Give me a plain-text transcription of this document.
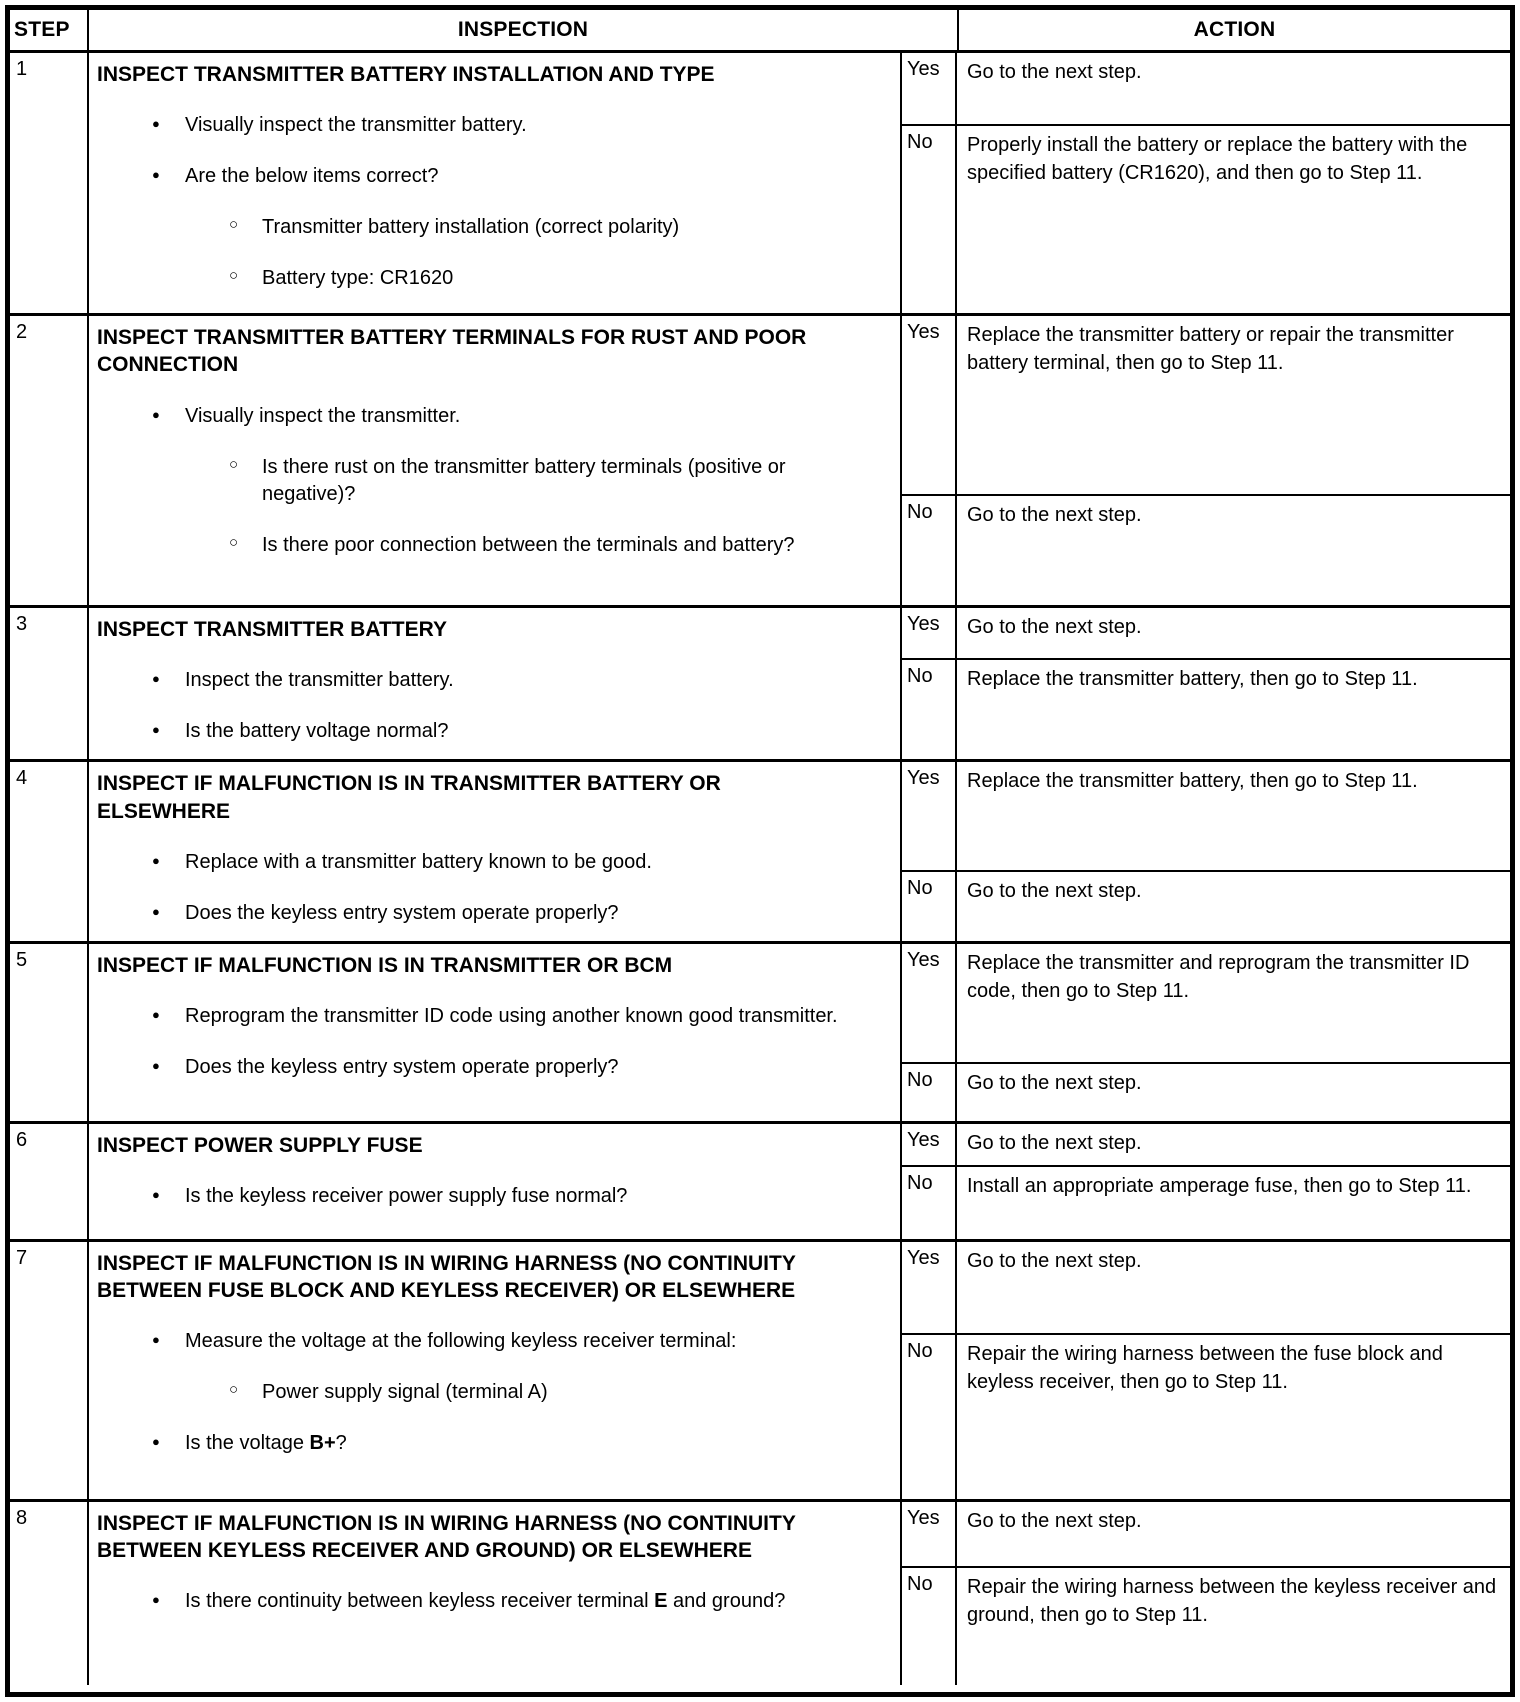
STEP	INSPECTION	ACTION
1	INSPECT TRANSMITTER BATTERY INSTALLATION AND TYPE
●	Visually inspect the transmitter battery.
●	Are the below items correct?
○	Transmitter battery installation (correct polarity)
○	Battery type: CR1620
Yes	Go to the next step.
No	Properly install the battery or replace the battery with the specified battery (CR1620), and then go to Step 11.
2	INSPECT TRANSMITTER BATTERY TERMINALS FOR RUST AND POOR CONNECTION
●	Visually inspect the transmitter.
○	Is there rust on the transmitter battery terminals (positive or negative)?
○	Is there poor connection between the terminals and battery?
Yes	Replace the transmitter battery or repair the transmitter battery terminal, then go to Step 11.
No	Go to the next step.
3	INSPECT TRANSMITTER BATTERY
●	Inspect the transmitter battery.
●	Is the battery voltage normal?
Yes	Go to the next step.
No	Replace the transmitter battery, then go to Step 11.
4	INSPECT IF MALFUNCTION IS IN TRANSMITTER BATTERY OR ELSEWHERE
●	Replace with a transmitter battery known to be good.
●	Does the keyless entry system operate properly?
Yes	Replace the transmitter battery, then go to Step 11.
No	Go to the next step.
5	INSPECT IF MALFUNCTION IS IN TRANSMITTER OR BCM
●	Reprogram the transmitter ID code using another known good transmitter.
●	Does the keyless entry system operate properly?
Yes	Replace the transmitter and reprogram the transmitter ID code, then go to Step 11.
No	Go to the next step.
6	INSPECT POWER SUPPLY FUSE
●	Is the keyless receiver power supply fuse normal?
Yes	Go to the next step.
No	Install an appropriate amperage fuse, then go to Step 11.
7	INSPECT IF MALFUNCTION IS IN WIRING HARNESS (NO CONTINUITY BETWEEN FUSE BLOCK AND KEYLESS RECEIVER) OR ELSEWHERE
●	Measure the voltage at the following keyless receiver terminal:
○	Power supply signal (terminal A)
●	Is the voltage B+?
Yes	Go to the next step.
No	Repair the wiring harness between the fuse block and keyless receiver, then go to Step 11.
8	INSPECT IF MALFUNCTION IS IN WIRING HARNESS (NO CONTINUITY BETWEEN KEYLESS RECEIVER AND GROUND) OR ELSEWHERE
●	Is there continuity between keyless receiver terminal E and ground?
Yes	Go to the next step.
No	Repair the wiring harness between the keyless receiver and ground, then go to Step 11.
